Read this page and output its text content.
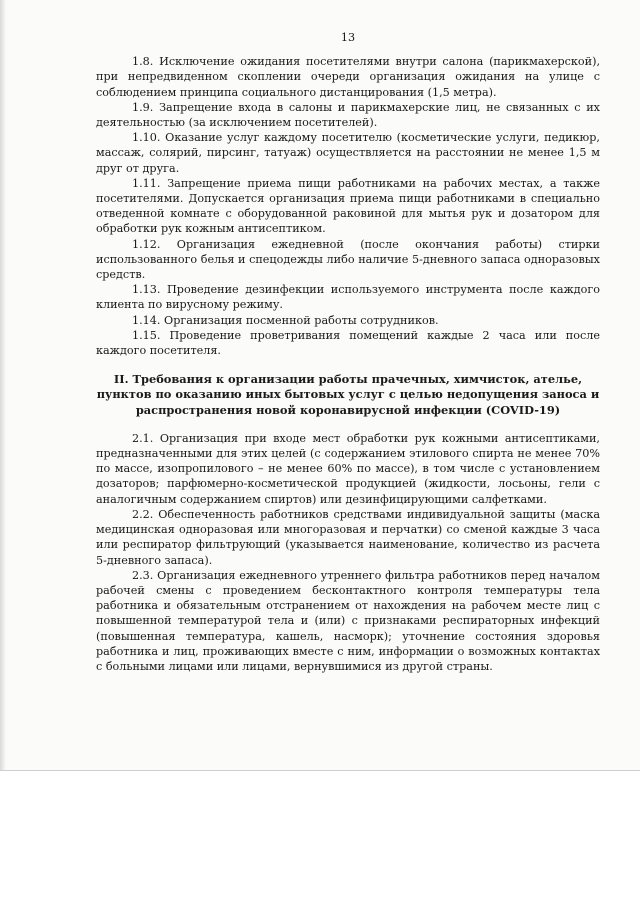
13

1.8. Исключение ожидания посетителями внутри салона (парикмахерской), при непредвиденном скоплении очереди организация ожидания на улице с соблюдением принципа социального дистанцирования (1,5 метра).

1.9. Запрещение входа в салоны и парикмахерские лиц, не связанных с их деятельностью (за исключением посетителей).

1.10. Оказание услуг каждому посетителю (косметические услуги, педикюр, массаж, солярий, пирсинг, татуаж) осуществляется на расстоянии не менее 1,5 м друг от друга.

1.11. Запрещение приема пищи работниками на рабочих местах, а также посетителями. Допускается организация приема пищи работниками в специально отведенной комнате с оборудованной раковиной для мытья рук и дозатором для обработки рук кожным антисептиком.

1.12. Организация ежедневной (после окончания работы) стирки использованного белья и спецодежды либо наличие 5-дневного запаса одноразовых средств.

1.13. Проведение дезинфекции используемого инструмента после каждого клиента по вирусному режиму.

1.14. Организация посменной работы сотрудников.

1.15. Проведение проветривания помещений каждые 2 часа или после каждого посетителя.

II. Требования к организации работы прачечных, химчисток, ателье, пунктов по оказанию иных бытовых услуг с целью недопущения заноса и распространения новой коронавирусной инфекции (COVID-19)

2.1. Организация при входе мест обработки рук кожными антисептиками, предназначенными для этих целей (с содержанием этилового спирта не менее 70% по массе, изопропилового – не менее 60% по массе), в том числе с установлением дозаторов; парфюмерно-косметической продукцией (жидкости, лосьоны, гели с аналогичным содержанием спиртов) или дезинфицирующими салфетками.

2.2. Обеспеченность работников средствами индивидуальной защиты (маска медицинская одноразовая или многоразовая и перчатки) со сменой каждые 3 часа или респиратор фильтрующий (указывается наименование, количество из расчета 5-дневного запаса).

2.3. Организация ежедневного утреннего фильтра работников перед началом рабочей смены с проведением бесконтактного контроля температуры тела работника и обязательным отстранением от нахождения на рабочем месте лиц с повышенной температурой тела и (или) с признаками респираторных инфекций (повышенная температура, кашель, насморк); уточнение состояния здоровья работника и лиц, проживающих вместе с ним, информации о возможных контактах с больными лицами или лицами, вернувшимися из другой страны.
